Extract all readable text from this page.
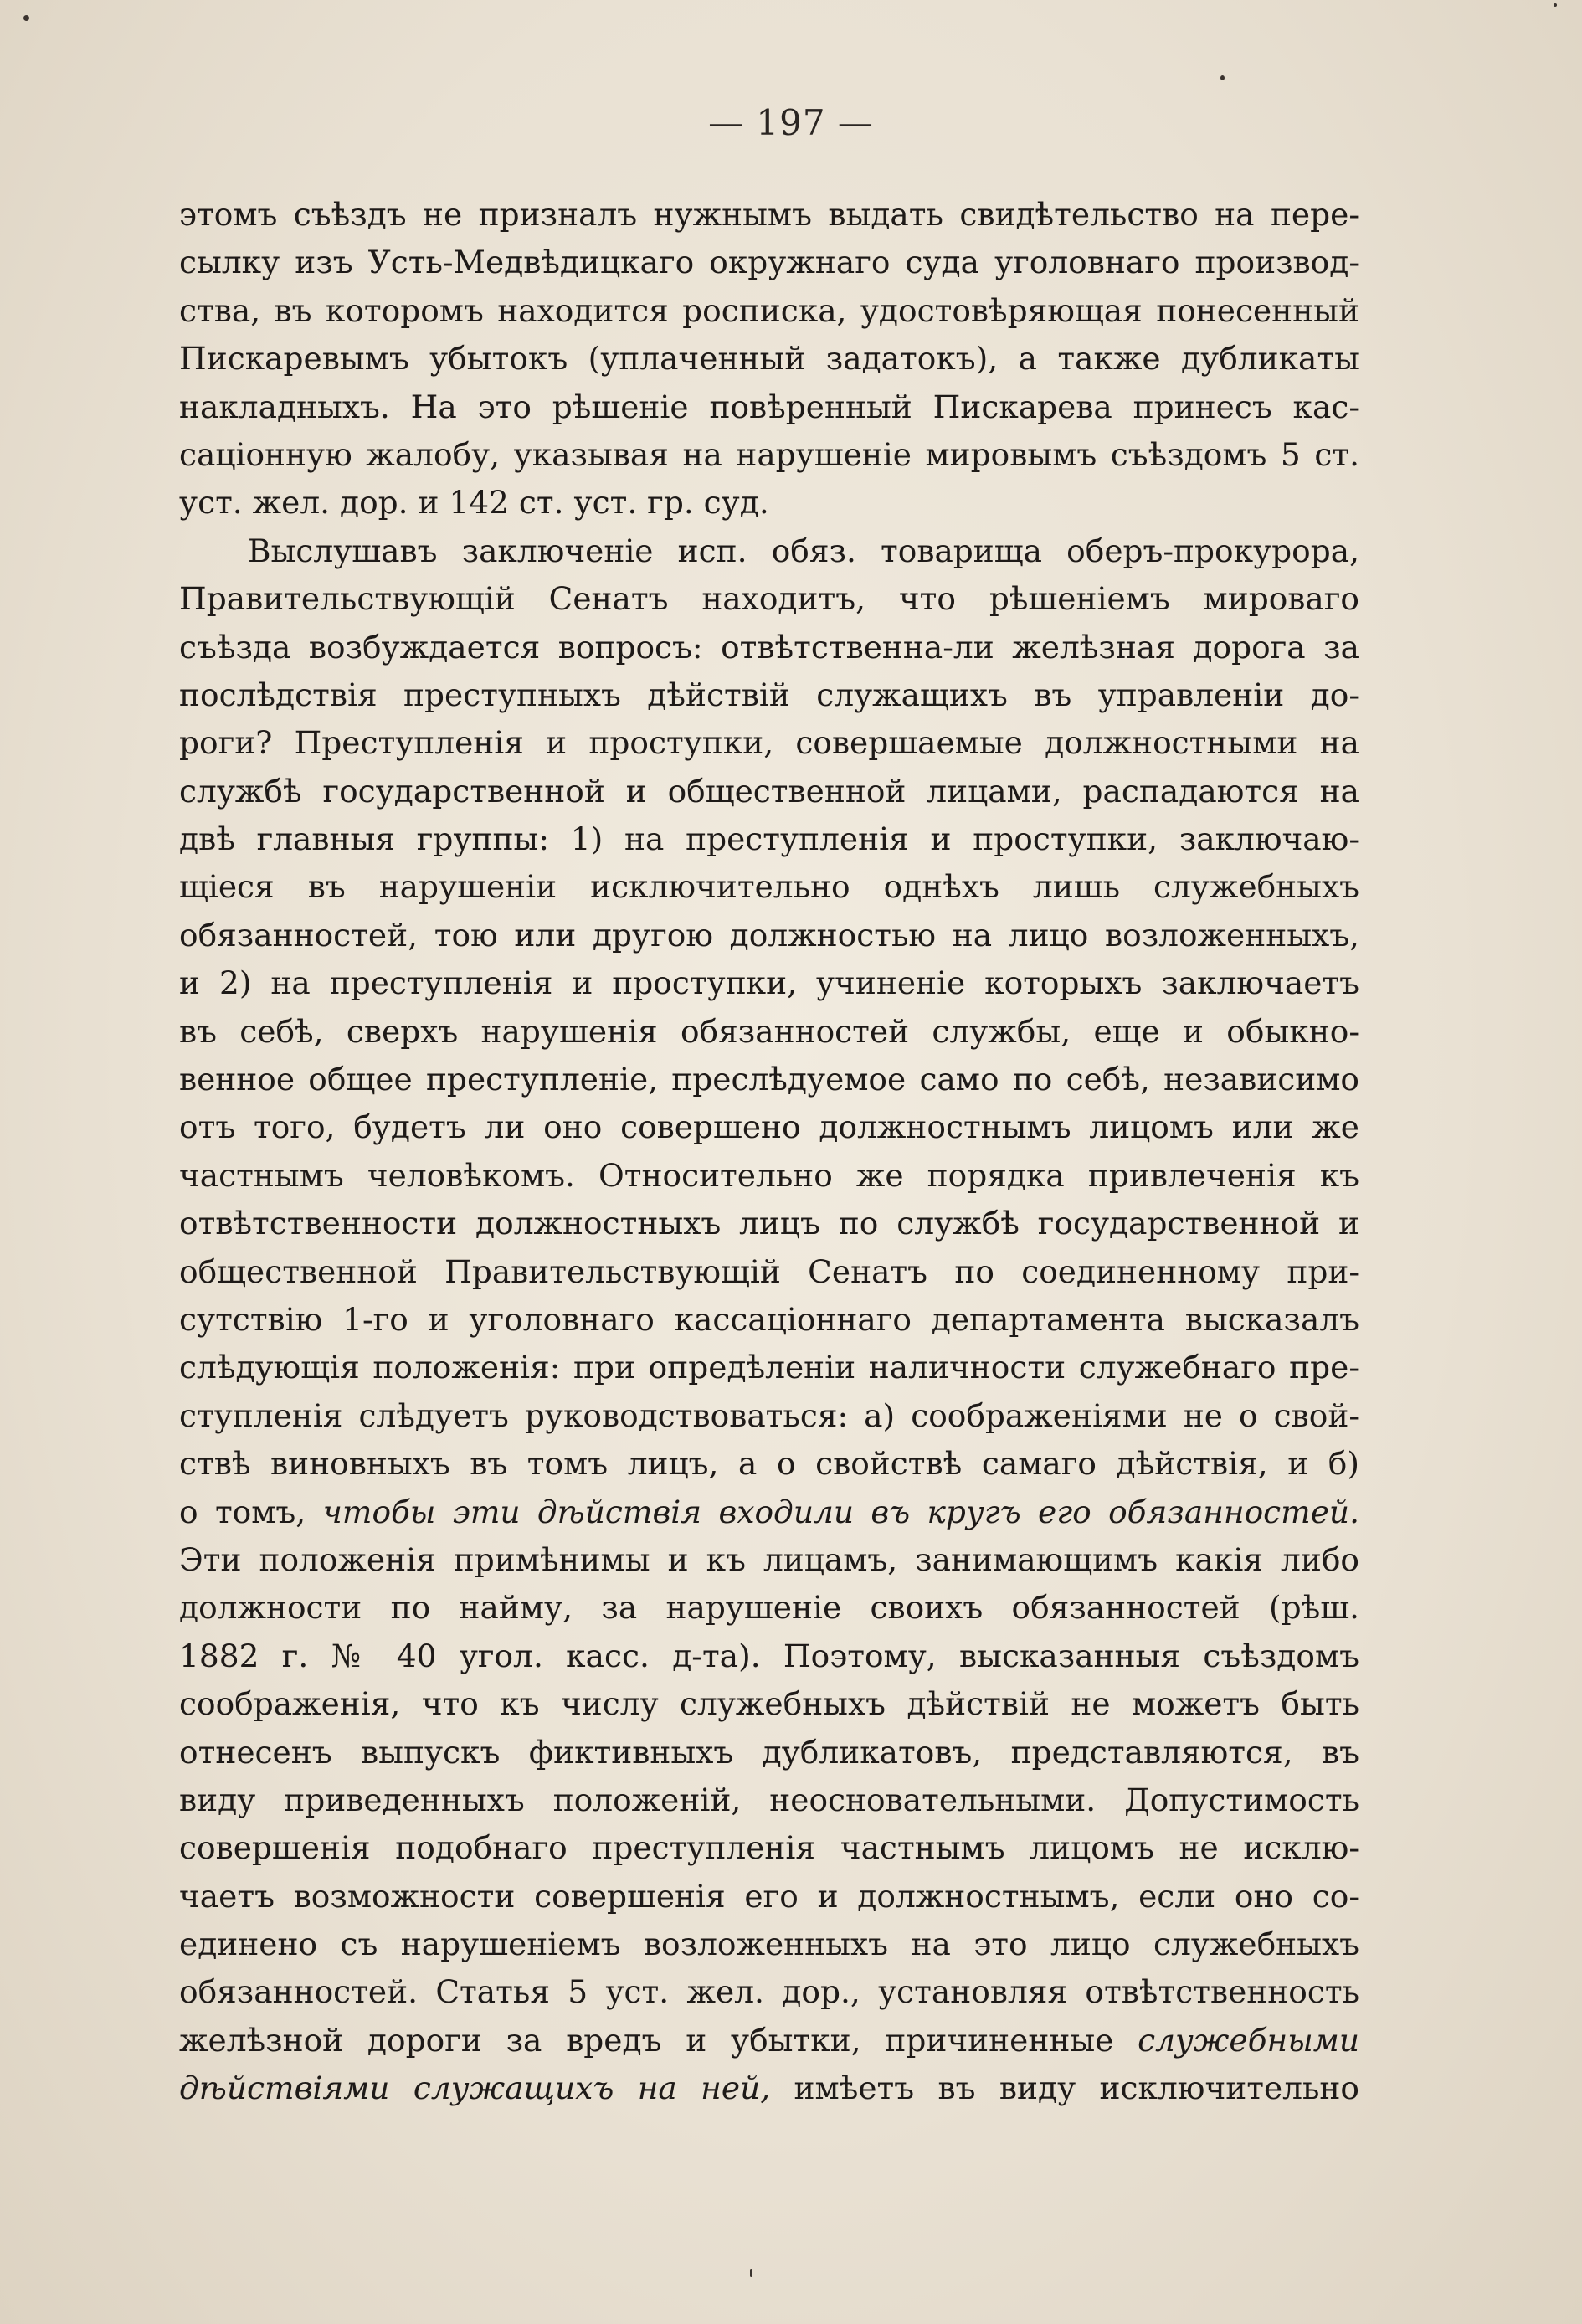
— 197 —
этомъ съѣздъ не призналъ нужнымъ выдать свидѣтельство на пере-
сылку изъ Усть-Медвѣдицкаго окружнаго суда уголовнаго производ-
ства, въ которомъ находится росписка, удостовѣряющая понесенный
Пискаревымъ убытокъ (уплаченный задатокъ), а также дубликаты
накладныхъ. На это рѣшеніе повѣренный Пискарева принесъ кас-
саціонную жалобу, указывая на нарушеніе мировымъ съѣздомъ 5 ст.
уст. жел. дор. и 142 ст. уст. гр. суд.
Выслушавъ заключеніе исп. обяз. товарища оберъ-прокурора,
Правительствующій Сенатъ находитъ, что рѣшеніемъ мироваго
съѣзда возбуждается вопросъ: отвѣтственна-ли желѣзная дорога за
послѣдствія преступныхъ дѣйствій служащихъ въ управленіи до-
роги? Преступленія и проступки, совершаемые должностными на
службѣ государственной и общественной лицами, распадаются на
двѣ главныя группы: 1) на преступленія и проступки, заключаю-
щіеся въ нарушеніи исключительно однѣхъ лишь служебныхъ
обязанностей, тою или другою должностью на лицо возложенныхъ,
и 2) на преступленія и проступки, учиненіе которыхъ заключаетъ
въ себѣ, сверхъ нарушенія обязанностей службы, еще и обыкно-
венное общее преступленіе, преслѣдуемое само по себѣ, независимо
отъ того, будетъ ли оно совершено должностнымъ лицомъ или же
частнымъ человѣкомъ. Относительно же порядка привлеченія къ
отвѣтственности должностныхъ лицъ по службѣ государственной и
общественной Правительствующій Сенатъ по соединенному при-
сутствію 1-го и уголовнаго кассаціоннаго департамента высказалъ
слѣдующія положенія: при опредѣленіи наличности служебнаго пре-
ступленія слѣдуетъ руководствоваться: а) соображеніями не о свой-
ствѣ виновныхъ въ томъ лицъ, а о свойствѣ самаго дѣйствія, и б)
о томъ, чтобы эти дѣйствія входили въ кругъ его обязанностей.
Эти положенія примѣнимы и къ лицамъ, занимающимъ какія либо
должности по найму, за нарушеніе своихъ обязанностей (рѣш.
1882 г. № 40 угол. касс. д-та). Поэтому, высказанныя съѣздомъ
соображенія, что къ числу служебныхъ дѣйствій не можетъ быть
отнесенъ выпускъ фиктивныхъ дубликатовъ, представляются, въ
виду приведенныхъ положеній, неосновательными. Допустимость
совершенія подобнаго преступленія частнымъ лицомъ не исклю-
чаетъ возможности совершенія его и должностнымъ, если оно со-
единено съ нарушеніемъ возложенныхъ на это лицо служебныхъ
обязанностей. Статья 5 уст. жел. дор., установляя отвѣтственность
желѣзной дороги за вредъ и убытки, причиненные служебными
дѣйствіями служащихъ на ней, имѣетъ въ виду исключительно
